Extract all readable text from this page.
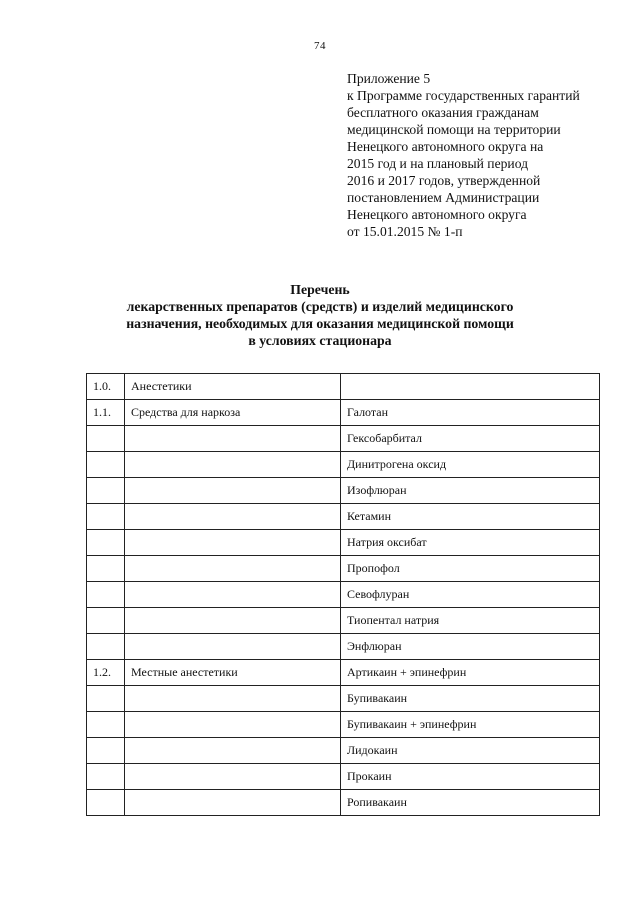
74
Приложение 5
к Программе государственных гарантий
бесплатного оказания гражданам
медицинской помощи на территории
Ненецкого автономного округа на
2015 год и на плановый период
2016 и 2017 годов, утвержденной
постановлением Администрации
Ненецкого автономного округа
от 15.01.2015 № 1-п
Перечень
лекарственных препаратов (средств) и изделий медицинского
назначения, необходимых для оказания медицинской помощи
в условиях стационара
1.0.	Анестетики	
1.1.	Средства для наркоза	Галотан
		Гексобарбитал
		Динитрогена оксид
		Изофлюран
		Кетамин
		Натрия оксибат
		Пропофол
		Севофлуран
		Тиопентал натрия
		Энфлюран
1.2.	Местные анестетики	Артикаин + эпинефрин
		Бупивакаин
		Бупивакаин + эпинефрин
		Лидокаин
		Прокаин
		Ропивакаин
